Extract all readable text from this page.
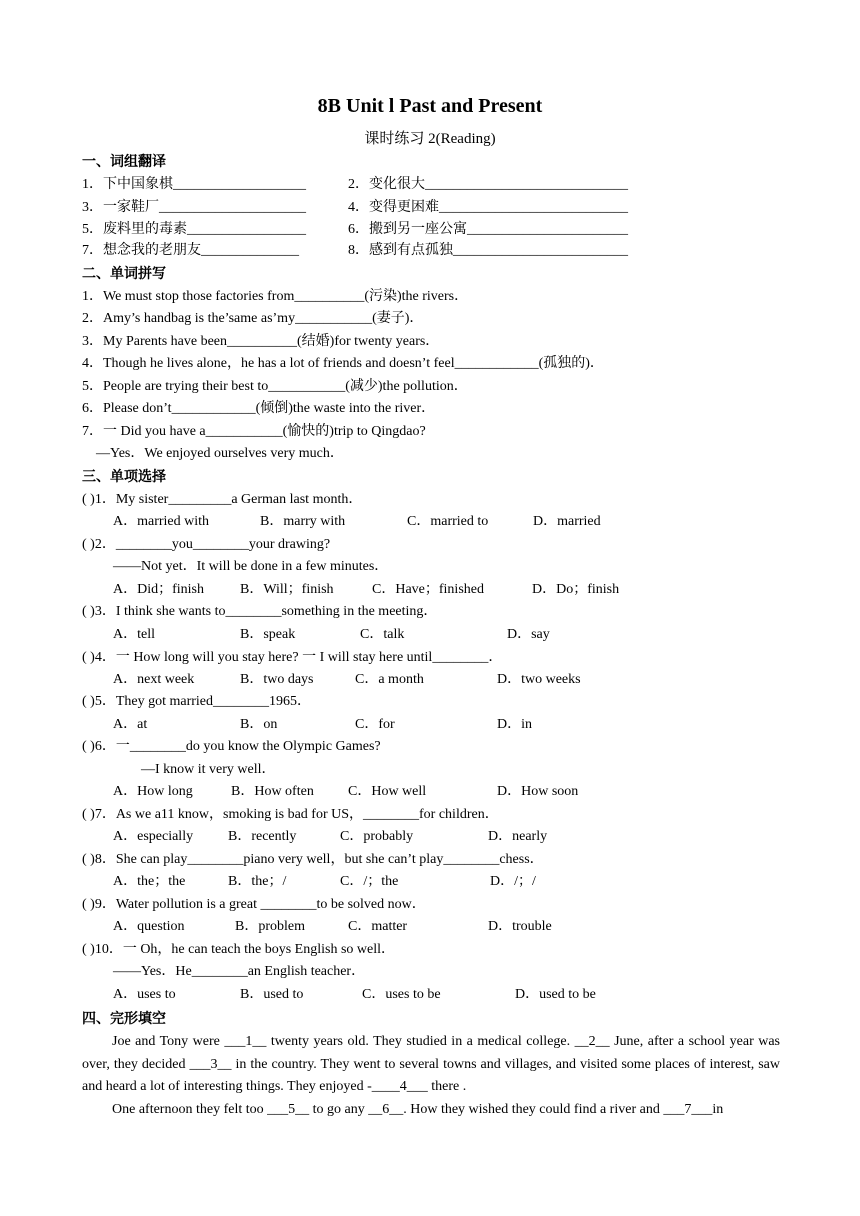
8B Unit l Past and Present
课时练习 2(Reading)
一、词组翻译
1．下中国象棋___________________	2．变化很大_____________________________
3．一家鞋厂_____________________	4．变得更困难___________________________
5．废料里的毒素_________________	6．搬到另一座公寓_______________________
7．想念我的老朋友______________	8．感到有点孤独_________________________
二、单词拼写
1．We must stop those factories from__________(污染)the rivers．
2．Amy’s handbag is the’same as’my___________(妻子)．
3．My Parents have been__________(结婚)for twenty years．
4．Though he lives alone，he has a lot of friends and doesn’t feel____________(孤独的)．
5．People are trying their best to___________(减少)the pollution．
6．Please don’t____________(倾倒)the waste into the river．
7．一 Did you have a___________(愉快的)trip to Qingdao?
—Yes．We enjoyed ourselves very much．
三、单项选择
( )1．My sister_________a German last month．
A．married with	B．marry with	C．married to	D．married
( )2．________you________your drawing?
——Not yet．It will be done in a few minutes．
A．Did；finish	B．Will；finish	C．Have；finished	D．Do；finish
( )3．I think she wants to________something in the meeting．
A．tell	B．speak	C．talk	D．say
( )4．一 How long will you stay here? 一 I will stay here until________．
A．next week	B．two days	C．a month	D．two weeks
( )5．They got married________1965．
A．at	B．on	C．for	D．in
( )6．一________do you know the Olympic Games?
—I know it very well．
A．How long	B．How often C．How well	D．How soon
( )7．As we a11 know，smoking is bad for US，________for children．
A．especially B．recently	C．probably	D．nearly
( )8．She can play________piano very well，but she can’t play________chess．
A．the；the	B．the；/	C．/；the	D．/；/
( )9．Water pollution is a great ________to be solved now．
A．question	B．problem	C．matter	D．trouble
( )10．一 Oh，he can teach the boys English so well．
——Yes．He________an English teacher．
A．uses to	B．used to	C．uses to be	D．used to be
四、完形填空
Joe and Tony were ___1__ twenty years old. They studied in a medical college. __2__ June, after a school year was over, they decided ___3__ in the country. They went to several towns and villages, and visited some places of interest, saw and heard a lot of interesting things. They enjoyed -____4___ there .
One afternoon they felt too ___5__ to go any __6__. How they wished they could find a river and ___7___in
